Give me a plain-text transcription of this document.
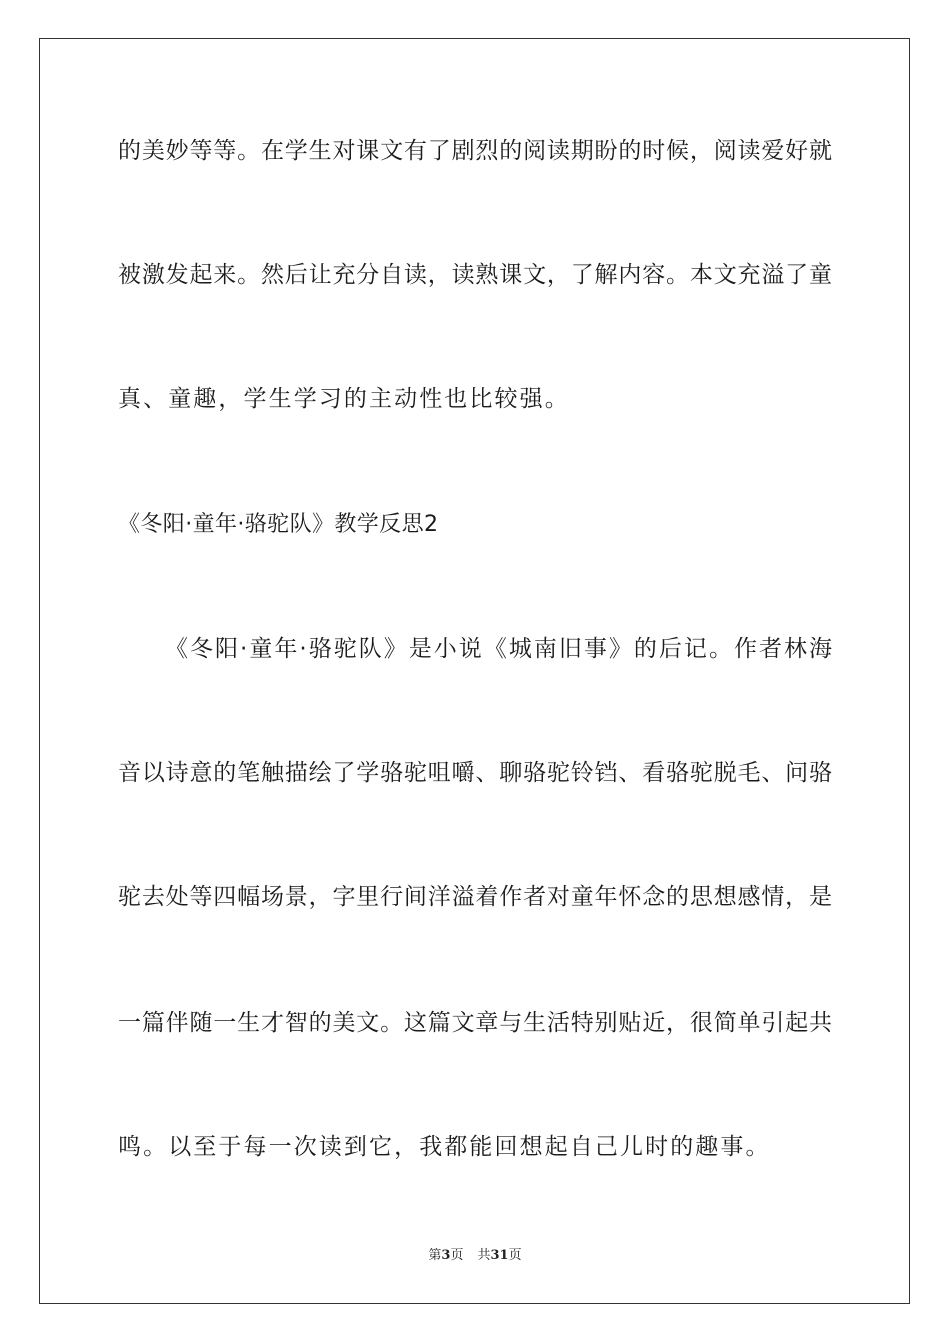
的美妙等等。在学生对课文有了剧烈的阅读期盼的时候，阅读爱好就
被激发起来。然后让充分自读，读熟课文，了解内容。本文充溢了童
真、童趣，学生学习的主动性也比较强。
《冬阳·童年·骆驼队》教学反思2
《冬阳·童年·骆驼队》是小说《城南旧事》的后记。作者林海
音以诗意的笔触描绘了学骆驼咀嚼、聊骆驼铃铛、看骆驼脱毛、问骆
驼去处等四幅场景，字里行间洋溢着作者对童年怀念的思想感情，是
一篇伴随一生才智的美文。这篇文章与生活特别贴近，很简单引起共
鸣。以至于每一次读到它，我都能回想起自己儿时的趣事。
第3页 共31页
